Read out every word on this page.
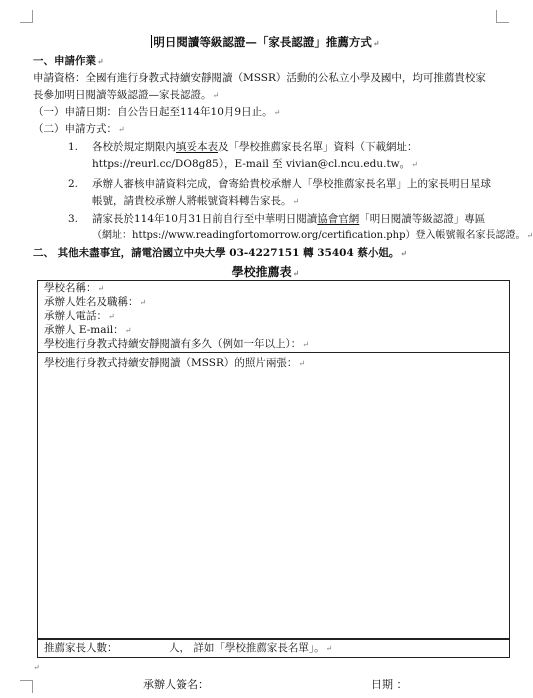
明日閱讀等級認證—「家長認證」推薦方式↵
一、申請作業↵
申請資格：全國有進行身教式持續安靜閱讀（MSSR）活動的公私立小學及國中，均可推薦貴校家
長參加明日閱讀等級認證—家長認證。↵
（一）申請日期：自公告日起至114年10月9日止。↵
（二）申請方式：↵
1. 各校於規定期限內填妥本表及「學校推薦家長名單」資料（下載網址：
https://reurl.cc/DO8g85），E-mail 至 vivian@cl.ncu.edu.tw。↵
2. 承辦人審核申請資料完成，會寄給貴校承辦人「學校推薦家長名單」上的家長明日星球
帳號，請貴校承辦人將帳號資料轉告家長。↵
3. 請家長於114年10月31日前自行至中華明日閱讀協會官網「明日閱讀等級認證」專區
（網址：https://www.readingfortomorrow.org/certification.php）登入帳號報名家長認證。↵
二、 其他未盡事宜，請電洽國立中央大學 03-4227151 轉 35404 蔡小姐。↵
學校推薦表↵
學校名稱：↵
承辦人姓名及職稱：↵
承辦人電話：↵
承辦人 E-mail：↵
學校進行身教式持續安靜閱讀有多久（例如一年以上）：↵
學校進行身教式持續安靜閱讀（MSSR）的照片兩張：↵
推薦家長人數：	人， 詳如「學校推薦家長名單」。↵
↵
承辦人簽名：	日期 ：
